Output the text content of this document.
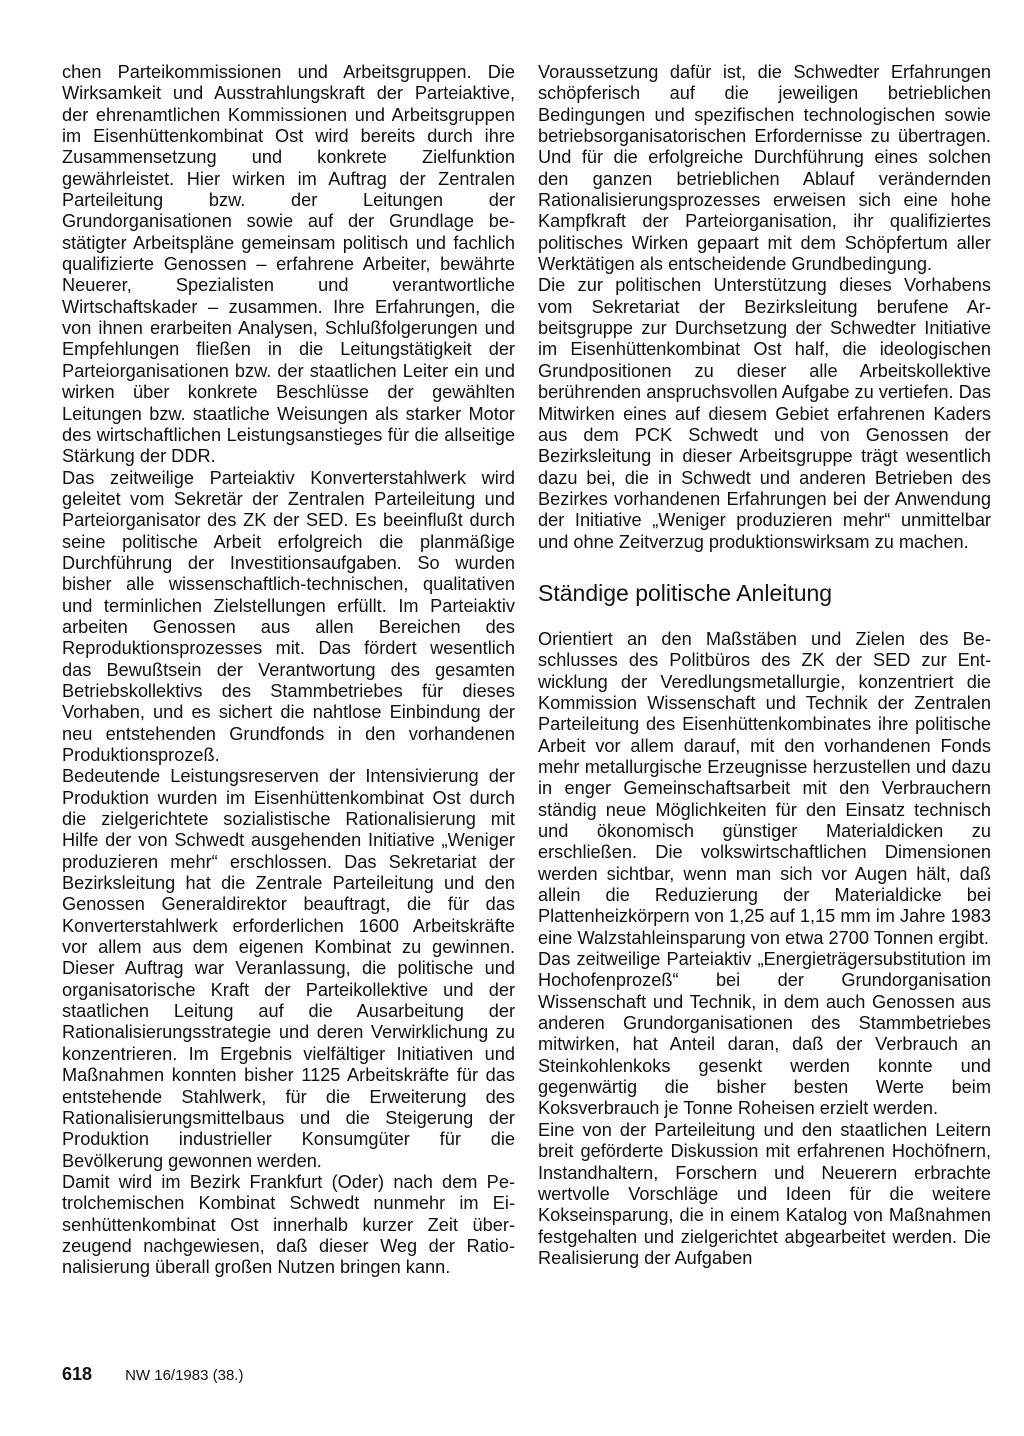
chen Parteikommissionen und Arbeitsgruppen. Die Wirksamkeit und Ausstrahlungskraft der Parteiaktive, der ehrenamtlichen Kommissionen und Arbeitsgruppen im Eisenhüttenkombinat Ost wird bereits durch ihre Zusammensetzung und konkrete Zielfunktion gewährleistet. Hier wirken im Auftrag der Zentralen Parteileitung bzw. der Leitungen der Grundorganisationen sowie auf der Grundlage bestätigter Arbeitspläne gemeinsam politisch und fachlich qualifizierte Genossen – erfahrene Arbeiter, bewährte Neuerer, Spezialisten und verantwortliche Wirtschaftskader – zusammen. Ihre Erfahrungen, die von ihnen erarbeiten Analysen, Schlußfolgerungen und Empfehlungen fließen in die Leitungstätigkeit der Parteiorganisationen bzw. der staatlichen Leiter ein und wirken über konkrete Beschlüsse der gewählten Leitungen bzw. staatliche Weisungen als starker Motor des wirtschaftlichen Leistungsanstieges für die allseitige Stärkung der DDR.

Das zeitweilige Parteiaktiv Konverterstahlwerk wird geleitet vom Sekretär der Zentralen Parteileitung und Parteiorganisator des ZK der SED. Es beeinflußt durch seine politische Arbeit erfolgreich die planmäßige Durchführung der Investitionsaufgaben. So wurden bisher alle wissenschaftlich-technischen, qualitativen und terminlichen Zielstellungen erfüllt. Im Parteiaktiv arbeiten Genossen aus allen Bereichen des Reproduktionsprozesses mit. Das fördert wesentlich das Bewußtsein der Verantwortung des gesamten Betriebskollektivs des Stammbetriebes für dieses Vorhaben, und es sichert die nahtlose Einbindung der neu entstehenden Grundfonds in den vorhandenen Produktionsprozeß.

Bedeutende Leistungsreserven der Intensivierung der Produktion wurden im Eisenhüttenkombinat Ost durch die zielgerichtete sozialistische Rationalisierung mit Hilfe der von Schwedt ausgehenden Initiative „Weniger produzieren mehr“ erschlossen. Das Sekretariat der Bezirksleitung hat die Zentrale Parteileitung und den Genossen Generaldirektor beauftragt, die für das Konverterstahlwerk erforderlichen 1600 Arbeitskräfte vor allem aus dem eigenen Kombinat zu gewinnen. Dieser Auftrag war Veranlassung, die politische und organisatorische Kraft der Parteikollektive und der staatlichen Leitung auf die Ausarbeitung der Rationalisierungsstrategie und deren Verwirklichung zu konzentrieren. Im Ergebnis vielfältiger Initiativen und Maßnahmen konnten bisher 1125 Arbeitskräfte für das entstehende Stahlwerk, für die Erweiterung des Rationalisierungsmittelbaus und die Steigerung der Produktion industrieller Konsumgüter für die Bevölkerung gewonnen werden.

Damit wird im Bezirk Frankfurt (Oder) nach dem Petrolchemischen Kombinat Schwedt nunmehr im Eisenhüttenkombinat Ost innerhalb kurzer Zeit überzeugend nachgewiesen, daß dieser Weg der Rationalisierung überall großen Nutzen bringen kann.

Voraussetzung dafür ist, die Schwedter Erfahrungen schöpferisch auf die jeweiligen betrieblichen Bedingungen und spezifischen technologischen sowie betriebsorganisatorischen Erfordernisse zu übertragen. Und für die erfolgreiche Durchführung eines solchen den ganzen betrieblichen Ablauf verändernden Rationalisierungsprozesses erweisen sich eine hohe Kampfkraft der Parteiorganisation, ihr qualifiziertes politisches Wirken gepaart mit dem Schöpfertum aller Werktätigen als entscheidende Grundbedingung.

Die zur politischen Unterstützung dieses Vorhabens vom Sekretariat der Bezirksleitung berufene Arbeitsgruppe zur Durchsetzung der Schwedter Initiative im Eisenhüttenkombinat Ost half, die ideologischen Grundpositionen zu dieser alle Arbeitskollektive berührenden anspruchsvollen Aufgabe zu vertiefen. Das Mitwirken eines auf diesem Gebiet erfahrenen Kaders aus dem PCK Schwedt und von Genossen der Bezirksleitung in dieser Arbeitsgruppe trägt wesentlich dazu bei, die in Schwedt und anderen Betrieben des Bezirkes vorhandenen Erfahrungen bei der Anwendung der Initiative „Weniger produzieren mehr“ unmittelbar und ohne Zeitverzug produktionswirksam zu machen.

Ständige politische Anleitung

Orientiert an den Maßstäben und Zielen des Beschlusses des Politbüros des ZK der SED zur Entwicklung der Veredlungsmetallurgie, konzentriert die Kommission Wissenschaft und Technik der Zentralen Parteileitung des Eisenhüttenkombinates ihre politische Arbeit vor allem darauf, mit den vorhandenen Fonds mehr metallurgische Erzeugnisse herzustellen und dazu in enger Gemeinschaftsarbeit mit den Verbrauchern ständig neue Möglichkeiten für den Einsatz technisch und ökonomisch günstiger Materialdicken zu erschließen. Die volkswirtschaftlichen Dimensionen werden sichtbar, wenn man sich vor Augen hält, daß allein die Reduzierung der Materialdicke bei Plattenheizkörpern von 1,25 auf 1,15 mm im Jahre 1983 eine Walzstahleinsparung von etwa 2700 Tonnen ergibt.

Das zeitweilige Parteiaktiv „Energieträgersubstitution im Hochofenprozeß“ bei der Grundorganisation Wissenschaft und Technik, in dem auch Genossen aus anderen Grundorganisationen des Stammbetriebes mitwirken, hat Anteil daran, daß der Verbrauch an Steinkohlenkoks gesenkt werden konnte und gegenwärtig die bisher besten Werte beim Koksverbrauch je Tonne Roheisen erzielt werden.

Eine von der Parteileitung und den staatlichen Leitern breit geförderte Diskussion mit erfahrenen Hochöfnern, Instandhaltern, Forschern und Neuerern erbrachte wertvolle Vorschläge und Ideen für die weitere Kokseinsparung, die in einem Katalog von Maßnahmen festgehalten und zielgerichtet abgearbeitet werden. Die Realisierung der Aufgaben

618 NW 16/1983 (38.)
